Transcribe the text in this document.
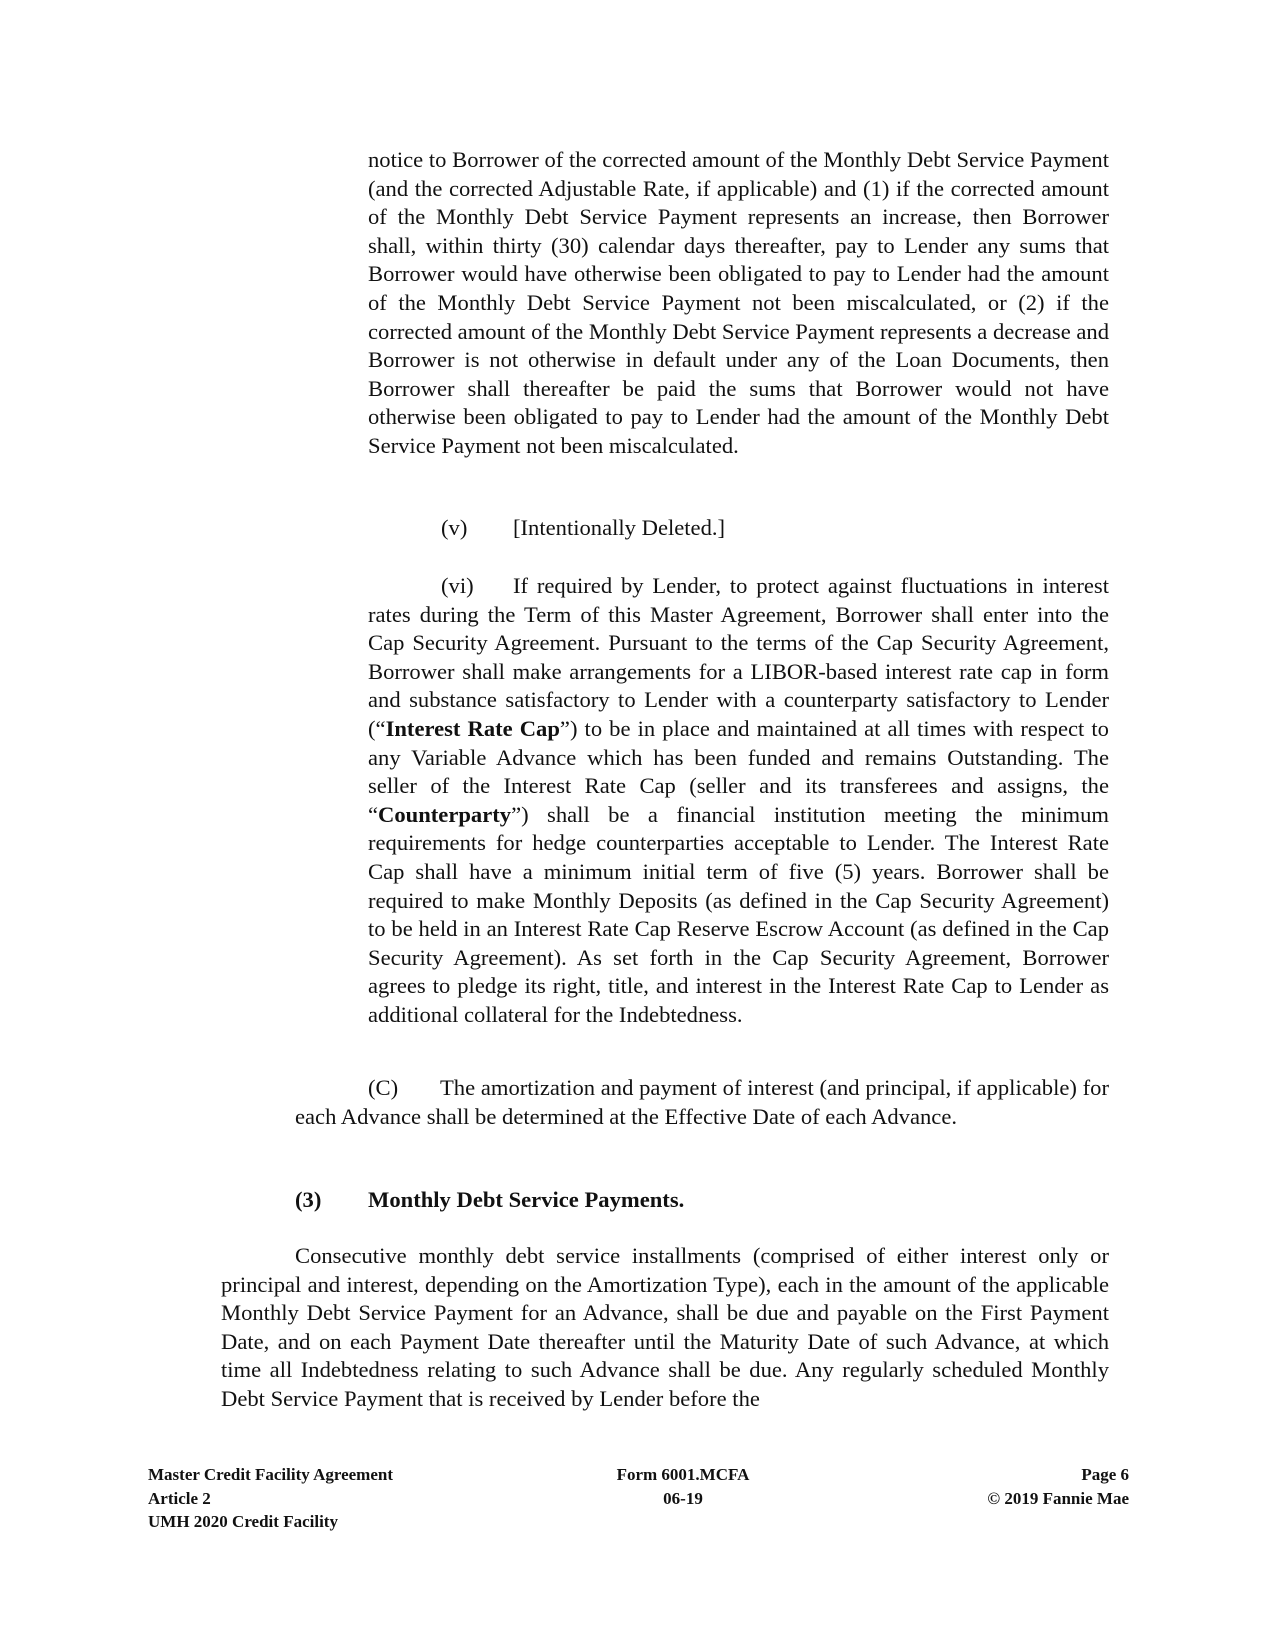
notice to Borrower of the corrected amount of the Monthly Debt Service Payment (and the corrected Adjustable Rate, if applicable) and (1) if the corrected amount of the Monthly Debt Service Payment represents an increase, then Borrower shall, within thirty (30) calendar days thereafter, pay to Lender any sums that Borrower would have otherwise been obligated to pay to Lender had the amount of the Monthly Debt Service Payment not been miscalculated, or (2) if the corrected amount of the Monthly Debt Service Payment represents a decrease and Borrower is not otherwise in default under any of the Loan Documents, then Borrower shall thereafter be paid the sums that Borrower would not have otherwise been obligated to pay to Lender had the amount of the Monthly Debt Service Payment not been miscalculated.

(v) [Intentionally Deleted.]

(vi) If required by Lender, to protect against fluctuations in interest rates during the Term of this Master Agreement, Borrower shall enter into the Cap Security Agreement. Pursuant to the terms of the Cap Security Agreement, Borrower shall make arrangements for a LIBOR-based interest rate cap in form and substance satisfactory to Lender with a counterparty satisfactory to Lender (“Interest Rate Cap”) to be in place and maintained at all times with respect to any Variable Advance which has been funded and remains Outstanding. The seller of the Interest Rate Cap (seller and its transferees and assigns, the “Counterparty”) shall be a financial institution meeting the minimum requirements for hedge counterparties acceptable to Lender. The Interest Rate Cap shall have a minimum initial term of five (5) years. Borrower shall be required to make Monthly Deposits (as defined in the Cap Security Agreement) to be held in an Interest Rate Cap Reserve Escrow Account (as defined in the Cap Security Agreement). As set forth in the Cap Security Agreement, Borrower agrees to pledge its right, title, and interest in the Interest Rate Cap to Lender as additional collateral for the Indebtedness.

(C) The amortization and payment of interest (and principal, if applicable) for each Advance shall be determined at the Effective Date of each Advance.

(3) Monthly Debt Service Payments.

Consecutive monthly debt service installments (comprised of either interest only or principal and interest, depending on the Amortization Type), each in the amount of the applicable Monthly Debt Service Payment for an Advance, shall be due and payable on the First Payment Date, and on each Payment Date thereafter until the Maturity Date of such Advance, at which time all Indebtedness relating to such Advance shall be due. Any regularly scheduled Monthly Debt Service Payment that is received by Lender before the

Master Credit Facility Agreement
Article 2
UMH 2020 Credit Facility
Form 6001.MCFA
06-19
Page 6
© 2019 Fannie Mae
